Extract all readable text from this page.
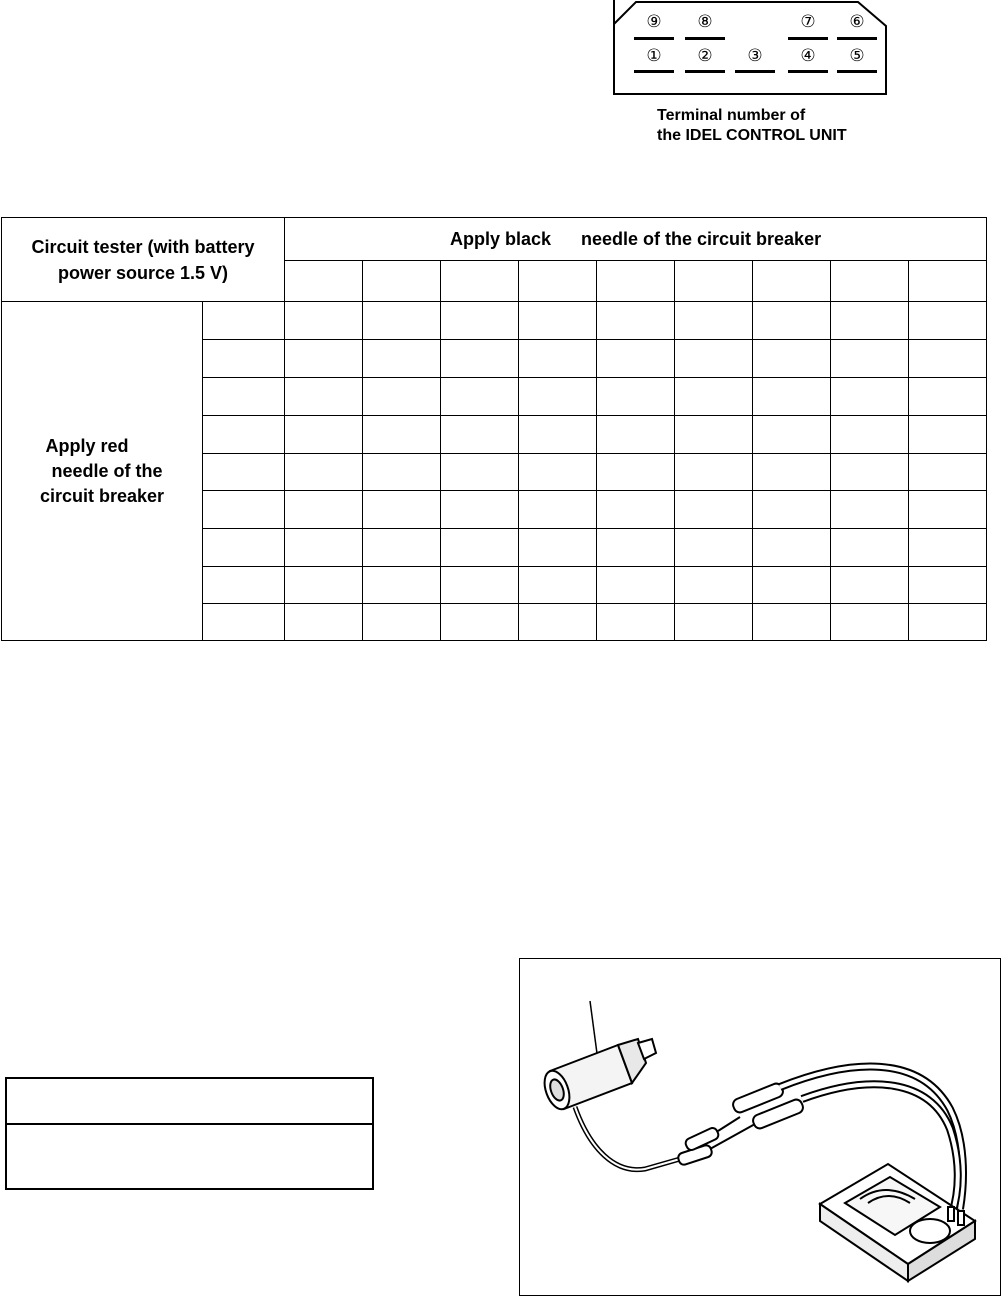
⑨ ⑧	⑦ ⑥
① ② ③ ④ ⑤
Terminal number of
the IDEL CONTROL UNIT
Circuit tester (with battery
power source 1.5 V)		Apply black      needle of the circuit breaker								

Apply red
needle of the
circuit breaker										
